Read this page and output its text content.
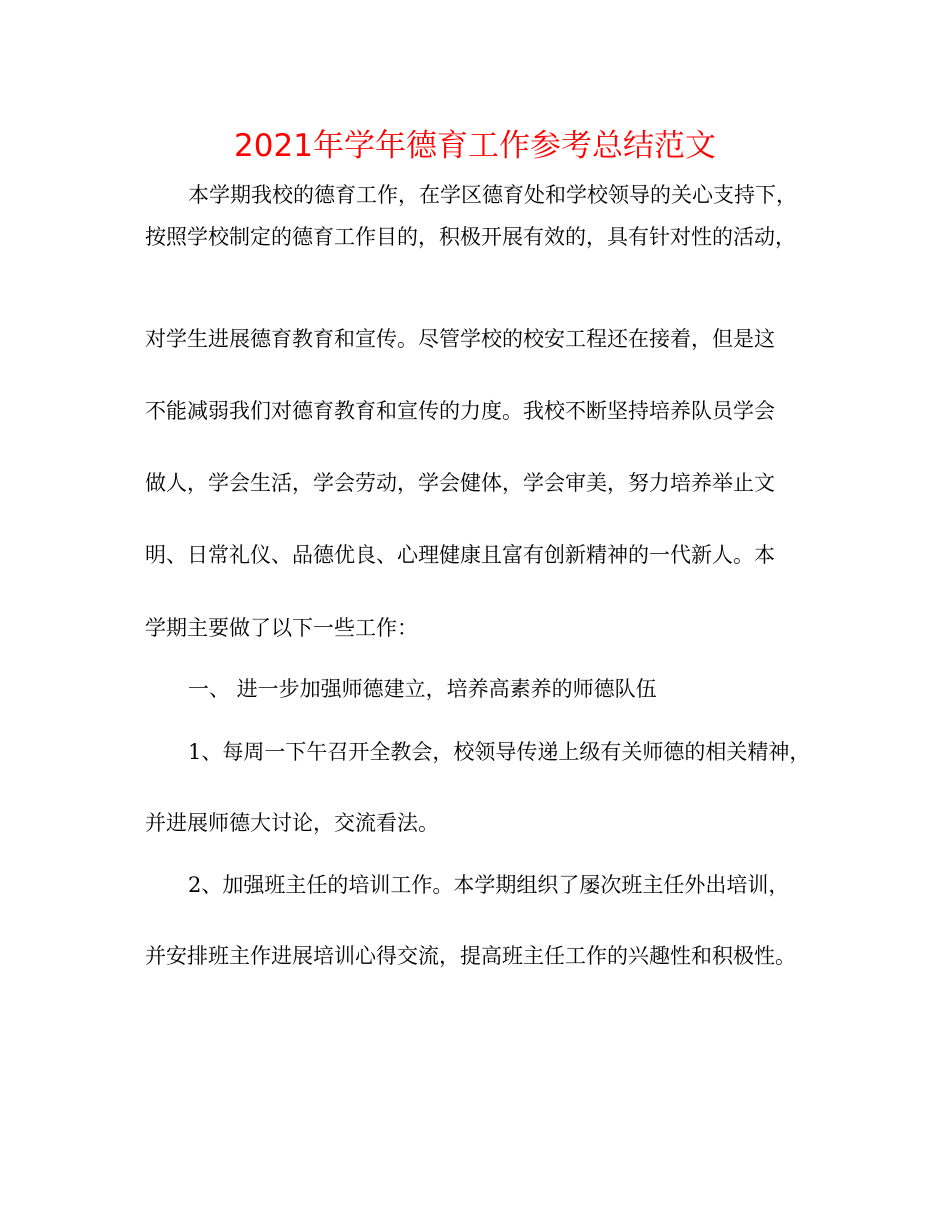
2021年学年德育工作参考总结范文
本学期我校的德育工作，在学区德育处和学校领导的关心支持下，
按照学校制定的德育工作目的，积极开展有效的，具有针对性的活动，
对学生进展德育教育和宣传。尽管学校的校安工程还在接着，但是这
不能减弱我们对德育教育和宣传的力度。我校不断坚持培养队员学会
做人，学会生活，学会劳动，学会健体，学会审美，努力培养举止文
明、日常礼仪、品德优良、心理健康且富有创新精神的一代新人。本
学期主要做了以下一些工作：
一、 进一步加强师德建立，培养高素养的师德队伍
1、每周一下午召开全教会，校领导传递上级有关师德的相关精神，
并进展师德大讨论，交流看法。
2、加强班主任的培训工作。本学期组织了屡次班主任外出培训，
并安排班主作进展培训心得交流，提高班主任工作的兴趣性和积极性。
